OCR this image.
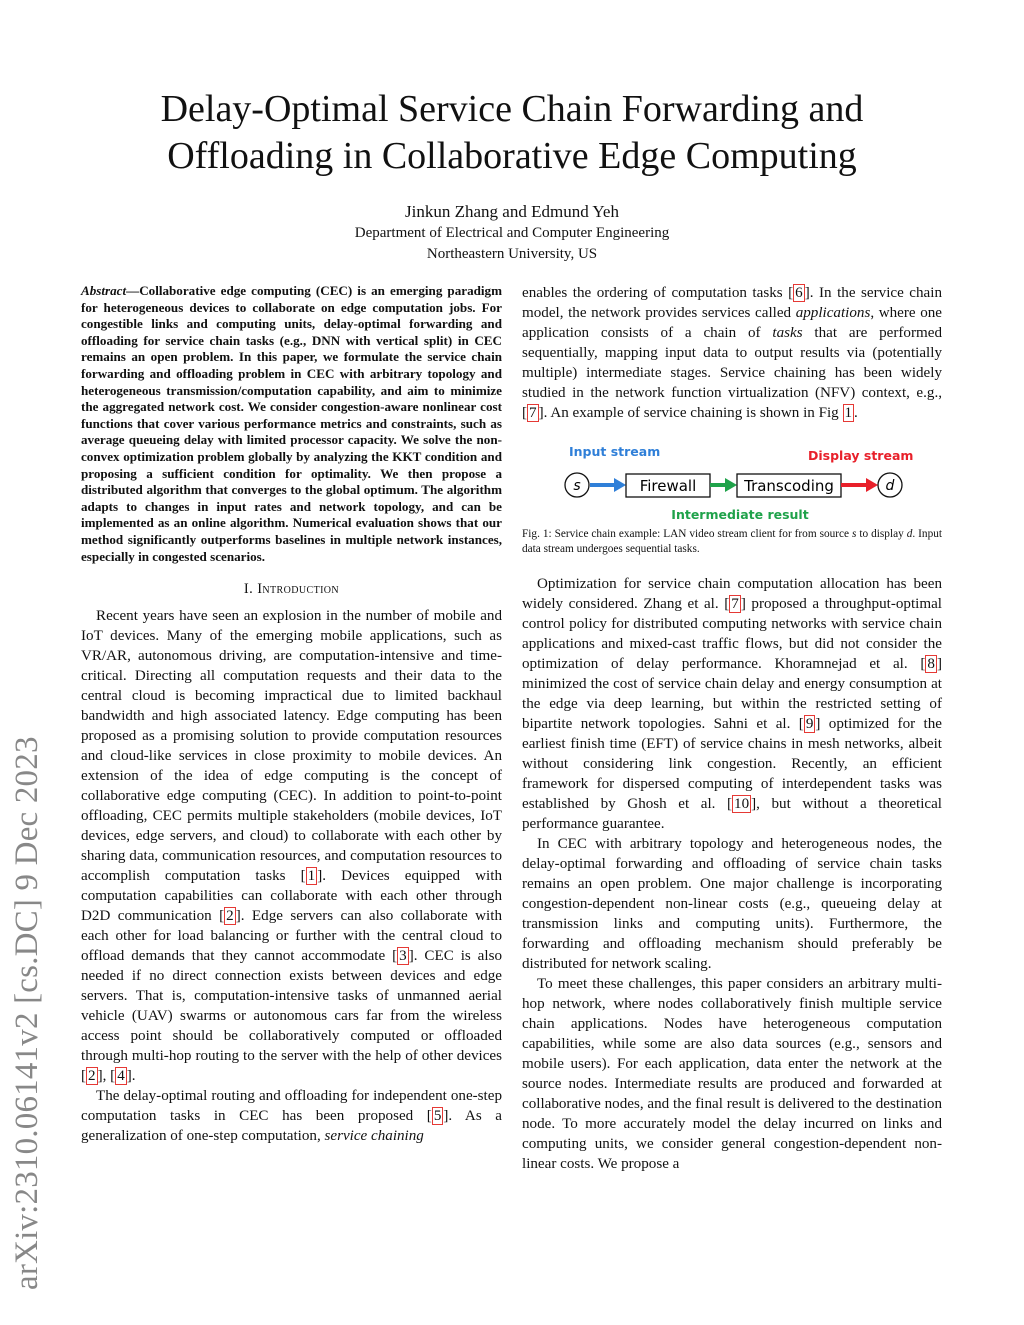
arXiv:2310.06141v2 [cs.DC] 9 Dec 2023
Delay-Optimal Service Chain Forwarding and
Offloading in Collaborative Edge Computing
Jinkun Zhang and Edmund Yeh
Department of Electrical and Computer Engineering
Northeastern University, US
Abstract—Collaborative edge computing (CEC) is an emerging paradigm for heterogeneous devices to collaborate on edge computation jobs. For congestible links and computing units, delay-optimal forwarding and offloading for service chain tasks (e.g., DNN with vertical split) in CEC remains an open problem. In this paper, we formulate the service chain forwarding and offloading problem in CEC with arbitrary topology and heterogeneous transmission/computation capability, and aim to minimize the aggregated network cost. We consider congestion-aware nonlinear cost functions that cover various performance metrics and constraints, such as average queueing delay with limited processor capacity. We solve the non-convex optimization problem globally by analyzing the KKT condition and proposing a sufficient condition for optimality. We then propose a distributed algorithm that converges to the global optimum. The algorithm adapts to changes in input rates and network topology, and can be implemented as an online algorithm. Numerical evaluation shows that our method significantly outperforms baselines in multiple network instances, especially in congested scenarios.
I. Introduction

Recent years have seen an explosion in the number of mobile and IoT devices. Many of the emerging mobile applications, such as VR/AR, autonomous driving, are computation-intensive and time-critical. Directing all computation requests and their data to the central cloud is becoming impractical due to limited backhaul bandwidth and high associated latency. Edge computing has been proposed as a promising solution to provide computation resources and cloud-like services in close proximity to mobile devices. An extension of the idea of edge computing is the concept of collaborative edge computing (CEC). In addition to point-to-point offloading, CEC permits multiple stakeholders (mobile devices, IoT devices, edge servers, and cloud) to collaborate with each other by sharing data, communication resources, and computation resources to accomplish computation tasks [ 1 ]. Devices equipped with computation capabilities can collaborate with each other through D2D communication [ 2 ]. Edge servers can also collaborate with each other for load balancing or further with the central cloud to offload demands that they cannot accommodate [ 3 ]. CEC is also needed if no direct connection exists between devices and edge servers. That is, computation-intensive tasks of unmanned aerial vehicle (UAV) swarms or autonomous cars far from the wireless access point should be collaboratively computed or offloaded through multi-hop routing to the server with the help of other devices [ 2 ], [ 4 ].

The delay-optimal routing and offloading for independent one-step computation tasks in CEC has been proposed [ 5 ]. As a generalization of one-step computation, service chaining

enables the ordering of computation tasks [ 6 ]. In the service chain model, the network provides services called applications, where one application consists of a chain of tasks that are performed sequentially, mapping input data to output results via (potentially multiple) intermediate stages. Service chaining has been widely studied in the network function virtualization (NFV) context, e.g., [ 7 ]. An example of service chaining is shown in Fig 1 .

Input stream	Display stream
Intermediate result
s	Firewall	Transcoding	d
Fig. 1: Service chain example: LAN video stream client for from source s to display d. Input data stream undergoes sequential tasks.

Optimization for service chain computation allocation has been widely considered. Zhang et al. [ 7 ] proposed a throughput-optimal control policy for distributed computing networks with service chain applications and mixed-cast traffic flows, but did not consider the optimization of delay performance. Khoramnejad et al. [ 8 ] minimized the cost of service chain delay and energy consumption at the edge via deep learning, but within the restricted setting of bipartite network topologies. Sahni et al. [ 9 ] optimized for the earliest finish time (EFT) of service chains in mesh networks, albeit without considering link congestion. Recently, an efficient framework for dispersed computing of interdependent tasks was established by Ghosh et al. [ 10 ], but without a theoretical performance guarantee.

In CEC with arbitrary topology and heterogeneous nodes, the delay-optimal forwarding and offloading of service chain tasks remains an open problem. One major challenge is incorporating congestion-dependent non-linear costs (e.g., queueing delay at transmission links and computing units). Furthermore, the forwarding and offloading mechanism should preferably be distributed for network scaling.

To meet these challenges, this paper considers an arbitrary multi-hop network, where nodes collaboratively finish multiple service chain applications. Nodes have heterogeneous computation capabilities, while some are also data sources (e.g., sensors and mobile users). For each application, data enter the network at the source nodes. Intermediate results are produced and forwarded at collaborative nodes, and the final result is delivered to the destination node. To more accurately model the delay incurred on links and computing units, we consider general congestion-dependent non-linear costs. We propose a
